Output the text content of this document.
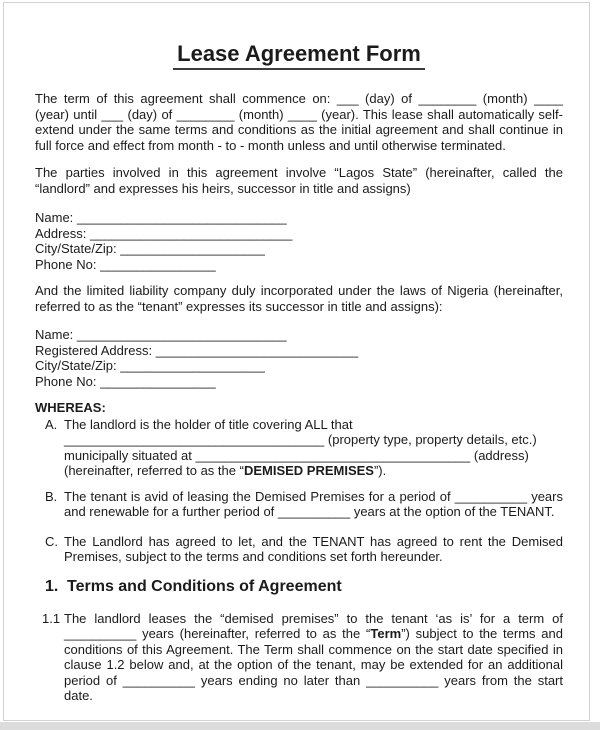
Lease Agreement Form

The term of this agreement shall commence on: ___ (day) of ________ (month) ____ (year) until ___ (day) of ________ (month) ____ (year). This lease shall automatically self-extend under the same terms and conditions as the initial agreement and shall continue in full force and effect from month - to - month unless and until otherwise terminated.

The parties involved in this agreement involve “Lagos State” (hereinafter, called the “landlord” and expresses his heirs, successor in title and assigns)

Name: _____________________________
Address: ____________________________
City/State/Zip: ____________________
Phone No: ________________

And the limited liability company duly incorporated under the laws of Nigeria (hereinafter, referred to as the “tenant” expresses its successor in title and assigns):

Name: _____________________________
Registered Address: ____________________________
City/State/Zip: ____________________
Phone No: ________________
WHEREAS:
A. The landlord is the holder of title covering ALL that
____________________________________ (property type, property details, etc.)
municipally situated at ______________________________________ (address)
(hereinafter, referred to as the “DEMISED PREMISES”).
B. The tenant is avid of leasing the Demised Premises for a period of __________ years and renewable for a further period of __________ years at the option of the TENANT.
C. The Landlord has agreed to let, and the TENANT has agreed to rent the Demised Premises, subject to the terms and conditions set forth hereunder.
1. Terms and Conditions of Agreement
1.1 The landlord leases the “demised premises” to the tenant ‘as is’ for a term of __________ years (hereinafter, referred to as the “Term”) subject to the terms and conditions of this Agreement. The Term shall commence on the start date specified in clause 1.2 below and, at the option of the tenant, may be extended for an additional period of __________ years ending no later than __________ years from the start date.
